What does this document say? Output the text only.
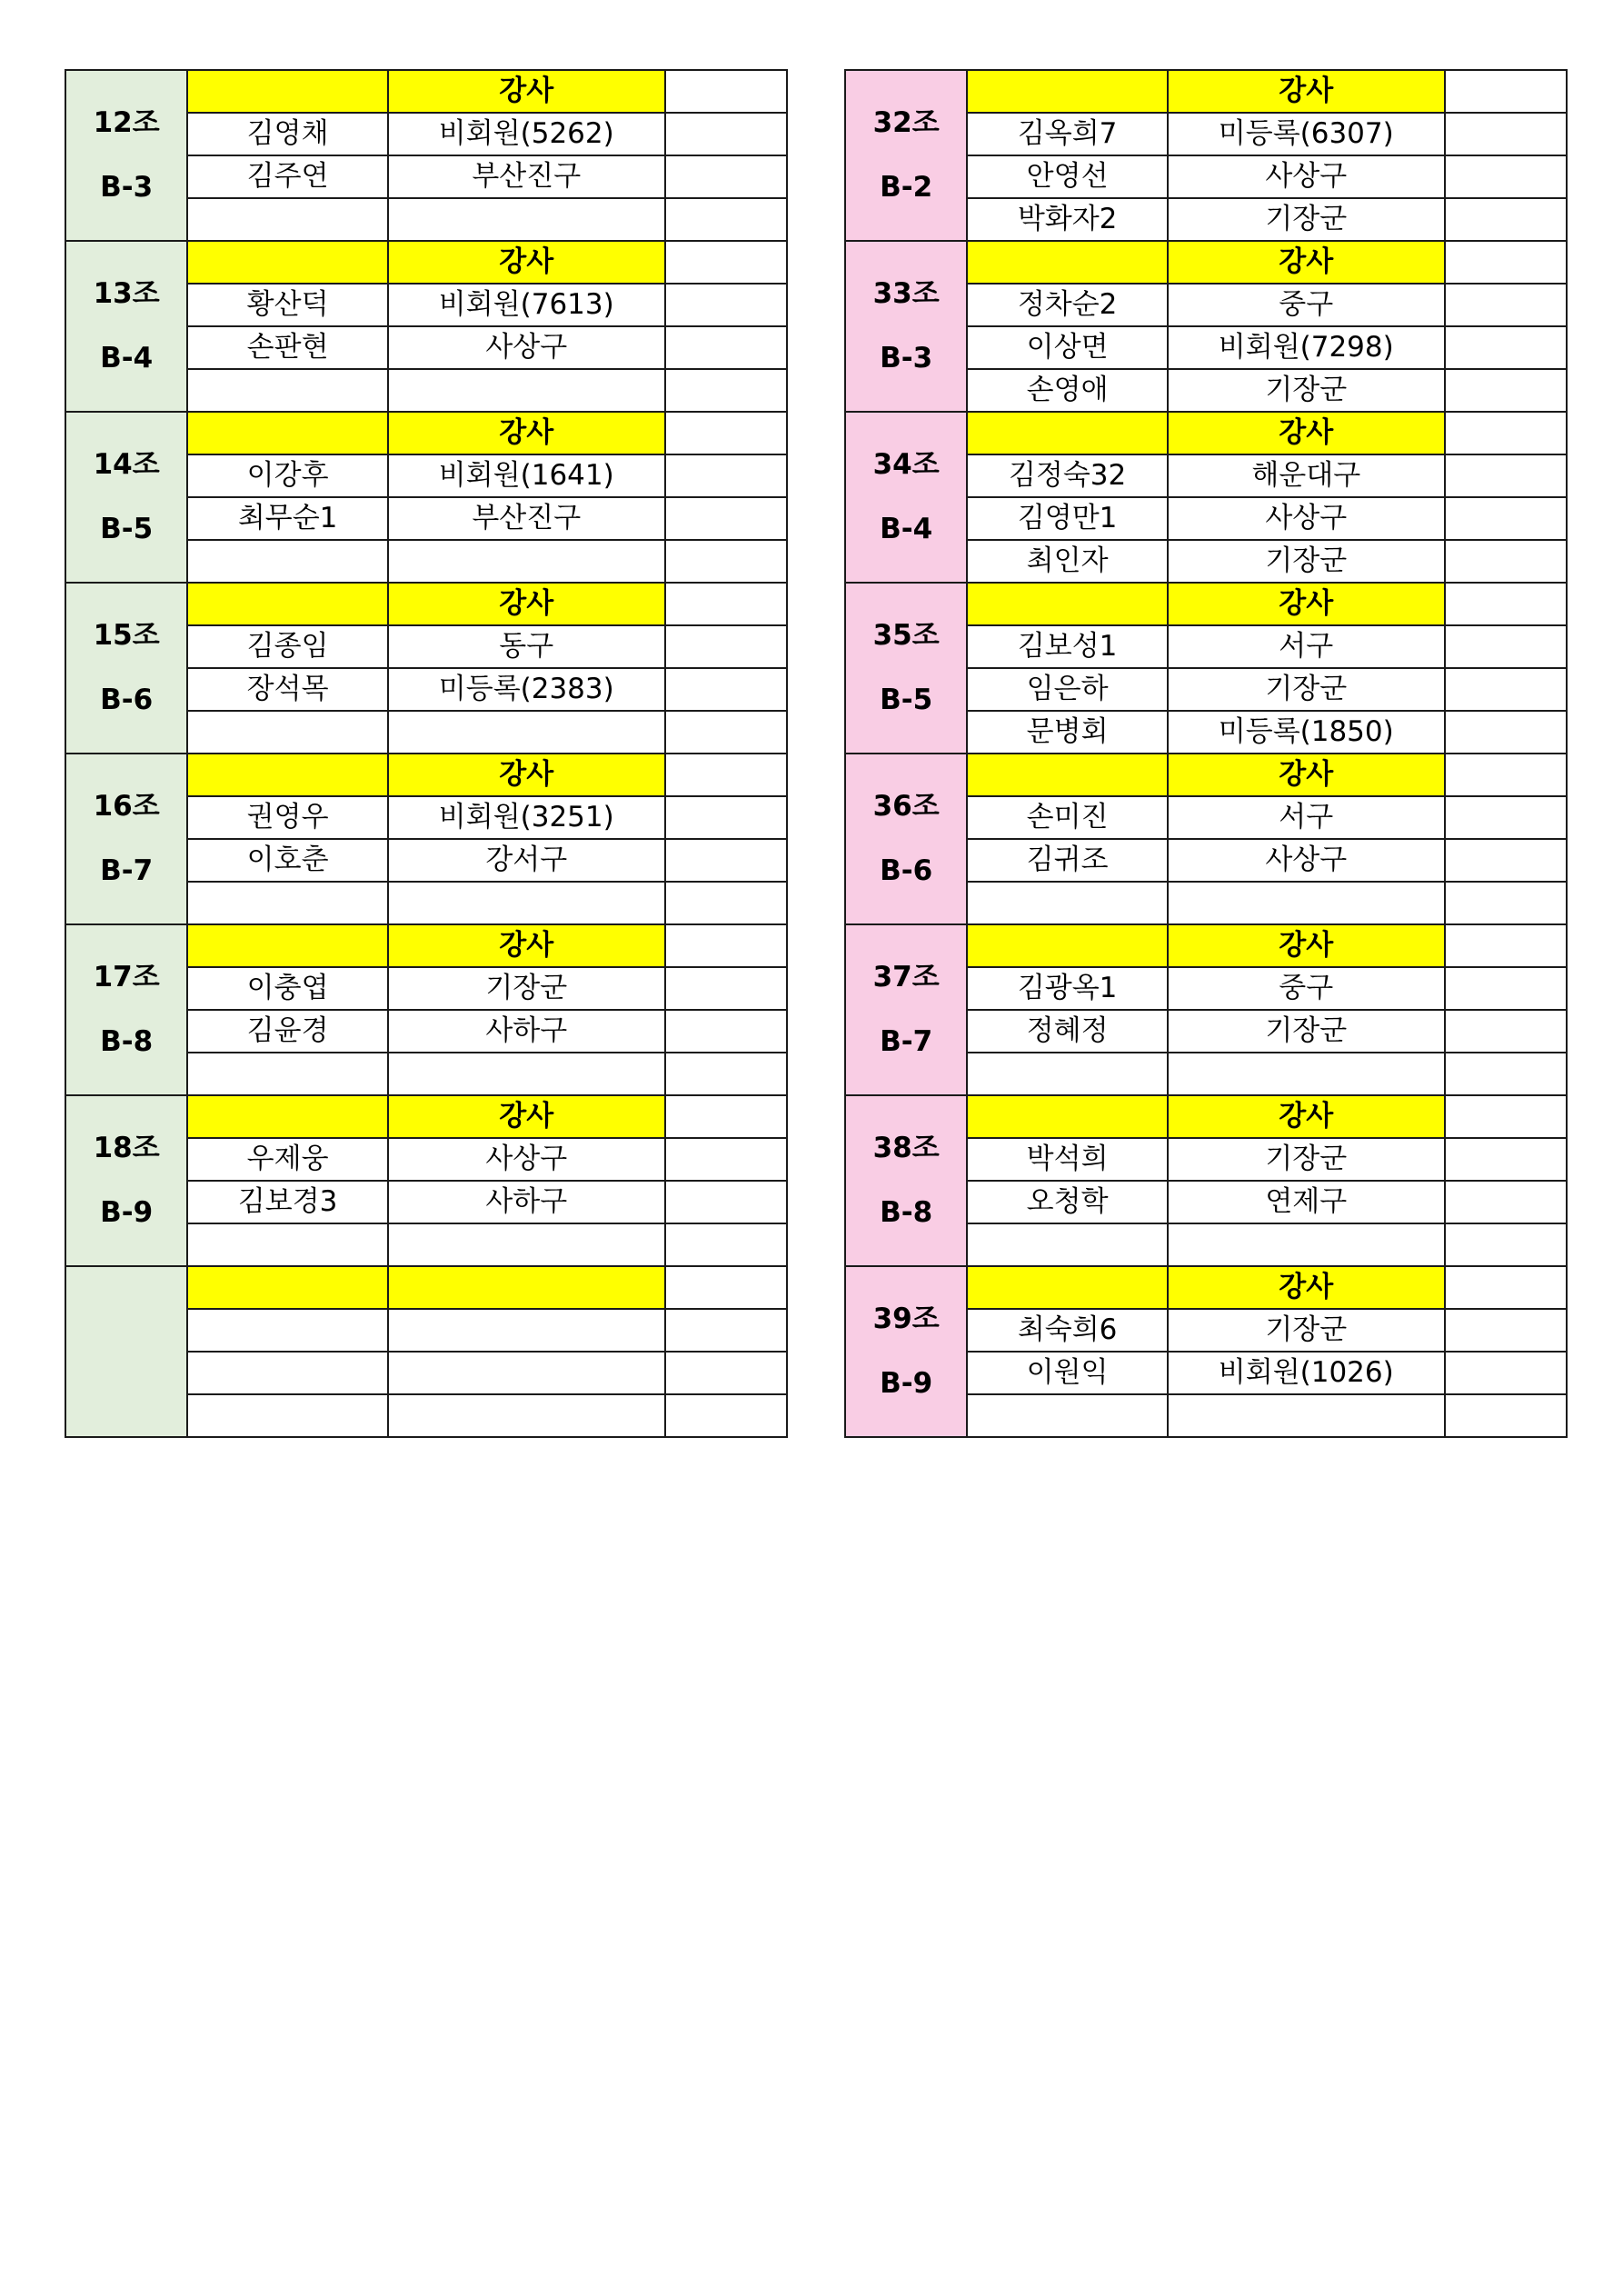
12조
B-3		강사	
	김영채	비회원(5262)	
	김주연	부산진구	

13조
B-4		강사	
	황산덕	비회원(7613)	
	손판현	사상구	

14조
B-5		강사	
	이강후	비회원(1641)	
	최무순1	부산진구	

15조
B-6		강사	
	김종임	동구	
	장석목	미등록(2383)	

16조
B-7		강사	
	권영우	비회원(3251)	
	이호춘	강서구	

17조
B-8		강사	
	이충엽	기장군	
	김윤경	사하구	

18조
B-9		강사	
	우제웅	사상구	
	김보경3	사하구	

32조
B-2		강사	
	김옥희7	미등록(6307)	
	안영선	사상구	
	박화자2	기장군	

33조
B-3		강사	
	정차순2	중구	
	이상면	비회원(7298)	
	손영애	기장군	

34조
B-4		강사	
	김정숙32	해운대구	
	김영만1	사상구	
	최인자	기장군	

35조
B-5		강사	
	김보성1	서구	
	임은하	기장군	
	문병회	미등록(1850)	

36조
B-6		강사	
	손미진	서구	
	김귀조	사상구	

37조
B-7		강사	
	김광옥1	중구	
	정혜정	기장군	

38조
B-8		강사	
	박석희	기장군	
	오청학	연제구	

39조
B-9		강사	
	최숙희6	기장군	
	이원익	비회원(1026)	
